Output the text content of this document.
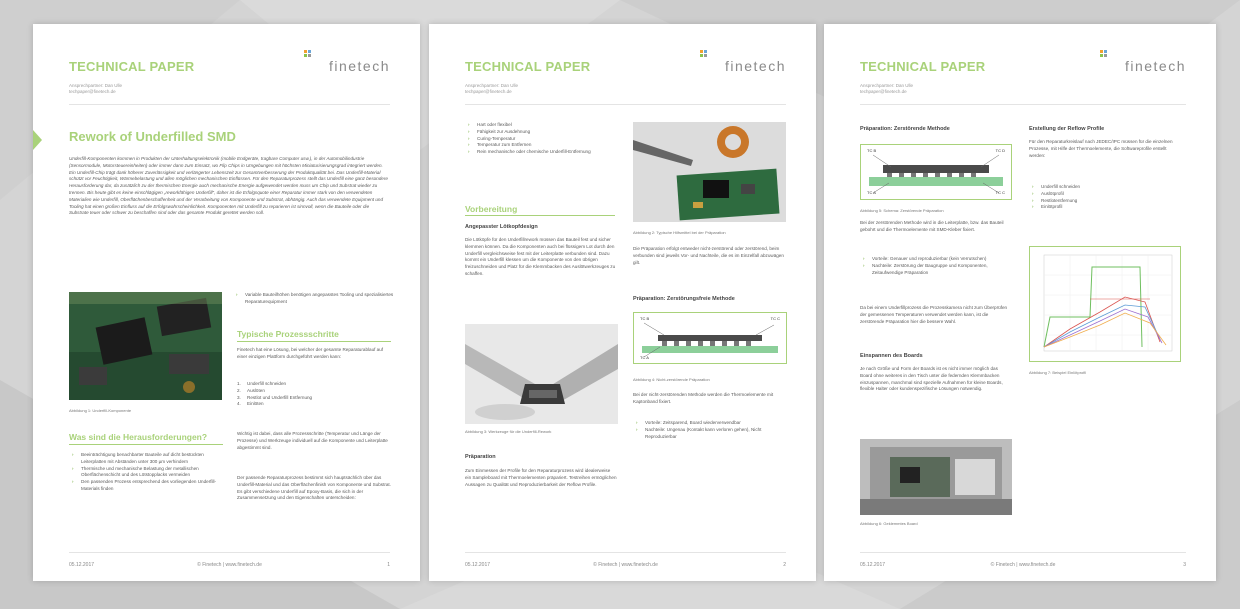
TECHNICAL PAPER
Ansprechpartner: Dan Ulle
techpaper@finetech.de
finetech
Rework of Underfilled SMD
Underfill-Komponenten kommen in Produkten der Unterhaltungselektronik (mobile Endgeräte, tragbare Computer usw.), in der Automobilindustrie (Sensormodule, Motorsteuereinheiten) oder immer dann zum Einsatz, wo Flip Chips in Umgebungen mit höchsten Miniaturisierungsgrad integriert werden. Ein Underfill-Chip trägt dank höherer Zuverlässigkeit und verlängerter Lebenszeit zur Gesamtverbesserung der Produktqualität bei. Das Underfill-Material schützt vor Feuchtigkeit, Wärmebelastung und allen möglichen mechanischen Einflüssen. Für den Reparaturprozess stellt das Underfill eine ganz besondere Herausforderung dar, da zusätzlich zu der thermischen Energie auch mechanische Energie aufgewendet werden muss um Chip und Substrat wieder zu trennen. Bis heute gibt es keine einschlägigen „reworkfähigen Underfill“, daher ist die Erfolgsquote einer Reparatur immer stark von den verwendeten Materialien wie Underfill, Oberflächenbeschaffenheit und der Verarbeitung von Komponente und Substrat, abhängig. Auch das verwendete Equipment und Tooling hat einen großen Einfluss auf die Erfolgswahrscheinlichkeit. Komponenten mit Underfill zu reparieren ist sinnvoll, wenn die Bauteile oder die Substrate teuer oder schwer zu beschaffen sind oder das gesamte Produkt gerettet werden soll.
Abbildung 1: Underfill-Komponente
› Variable Bauteilhöhen benötigen angepasstes Tooling und spezialisiertes Reparaturequipment
Typische Prozessschritte
Finetech hat eine Lösung, bei welcher der gesamte Reparaturablauf auf einer einzigen Plattform durchgeführt werden kann:
1. Underfill schneiden
2. Auslöten
3. Restlot und Underfill Entfernung
4. Einlöten
Wichtig ist dabei, dass alle Prozessschritte (Temperatur und Länge der Prozesse) und Werkzeuge individuell auf die Komponente und Leiterplatte abgestimmt sind.
Der passende Reparaturprozess bestimmt sich hauptsächlich über das Underfill-Material und das Oberflächenfinish von Komponente und Substrat. Es gibt verschiedene Underfill auf Epoxy-Basis, die sich in der Zusammensetzung und den Eigenschaften unterscheiden:
Was sind die Herausforderungen?
› Beeinträchtigung benachbarter Bauteile auf dicht bestückten Leiterplatten mit Abständen unter 300 µm verhindern
› Thermische und mechanische Belastung der metallischen Oberflächenschicht und des Lötstopplacks vermeiden
› Den passenden Prozess entsprechend des vorliegenden Underfill-Materials finden
05.12.2017	© Finetech | www.finetech.de	1
TECHNICAL PAPER
Ansprechpartner: Dan Ulle
techpaper@finetech.de
finetech
› Hart oder flexibel
› Fähigkeit zur Ausdehnung
› Curing-Temperatur
› Temperatur zum Entfernen
› Rein mechanische oder chemische Underfill-Entfernung
Vorbereitung
Angepasster Lötkopfdesign
Die Lötköpfe für den Underfillrework müssen das Bauteil fest und sicher klemmen können. Da die Komponenten auch bei flüssigem Lot durch den Underfill vergleichsweise fest mit der Leiterplatte verbunden sind. Dazu kommt ein Underfill klessen um die Komponente von den übrigen freizuschneiden und Platz für die Klemmbacken des Auslötwerkzeuges zu schaffen.
Abbildung 3: Werkzeuge für die Underfill-Rework
Präparation
Zum Einmessen der Profile für den Reparaturprozess wird idealerweise ein Sampleboard mit Thermoelementen präpariert. Testreihen ermöglichen Aussagen zu Qualität und Reproduzierbarkeit der Reflow Profile.
Abbildung 2: Typische Hilfsmittel bei der Präparation
Die Präparation erfolgt entweder nicht-zerstörend oder zerstörend, beim verbunden sind jeweils Vor- und Nachteile, die es im Einzelfall abzuwägen gilt.
Präparation: Zerstörungsfreie Methode
TC B	TC C
TC A
Abbildung 4: Nicht-zerstörende Präparation
Bei der nicht-zerstörenden Methode werden die Thermoelemente mit Kaptonband fixiert.
› Vorteile: Zeitsparend, Board wiederverwendbar
› Nachteile: Ungenau (Kontakt kann verloren gehen), Nicht Reproduzierbar
05.12.2017	© Finetech | www.finetech.de	2
TECHNICAL PAPER
Ansprechpartner: Dan Ulle
techpaper@finetech.de
finetech
Präparation: Zerstörende Methode
TC B	TC D
TC A	TC C
Abbildung 5: Schema: Zerstörende Präparation
Bei der zerstörenden Methode wird in die Leiterplatte, bzw. das Bauteil gebohrt und die Thermoelemente mit SMD-Kleber fixiert.
› Vorteile: Genauer und reproduzierbar (kein Verrutschen)
› Nachteile: Zerstörung der Baugruppe und Komponenten, Zeitaufwendige Präparation
Da bei einem Underfillprozess die Prozesskamera nicht zum Überprüfen der gemessenen Temperaturen verwendet werden kann, ist die zerstörende Präparation hier die bessere Wahl.
Einspannen des Boards
Je nach Größe und Form der Boards ist es nicht immer möglich das Board ohne weiteres in den Tisch unter die federnden Klemmbacken einzuspannen, manchmal sind spezielle Aufnahmen für kleine Boards, flexible Halter oder kundenspezifische Lösungen notwendig.
Abbildung 6: Geklemmtes Board
Erstellung der Reflow Profile
Für den Reparaturkreislauf nach JEDEC/IPC müssen für die einzelnen Prozesse, mit Hilfe der Thermoelemente, die Softwareprofile erstellt werden:
› Underfill schneiden
› Auslötprofil
› Restlotentfernung
› Einlötprofil
Abbildung 7: Beispiel Einlötprofil
05.12.2017	© Finetech | www.finetech.de	3
